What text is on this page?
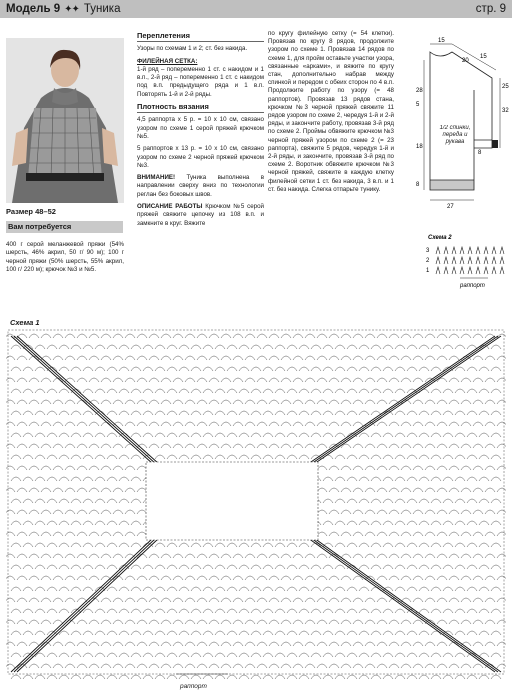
Модель 9 ✦✦ Туника	стр. 9
Размер 48–52
Вам потребуется
400 г серой меланжевой пряжи (54% шерсть, 46% акрил, 50 г/ 90 м); 100 г черной пряжи (50% шерсть, 55% акрил, 100 г/ 220 м); крючок №3 и №5.
Переплетения

Узоры по схемам 1 и 2; ст. без накида.

ФИЛЕЙНАЯ СЕТКА:

1-й ряд – попеременно 1 ст. с накидом и 1 в.п., 2-й ряд – попеременно 1 ст. с накидом под в.п. предыдущего ряда и 1 в.п. Повторять 1-й и 2-й ряды.

Плотность вязания

4,5 раппорта х 5 р. = 10 х 10 см, связано узором по схеме 1 серой пряжей крючком №5.

5 раппортов х 13 р. = 10 х 10 см, связано узором по схеме 2 черной пряжей крючком №3.

ВНИМАНИЕ! Туника выполнена в направлении сверху вниз по технологии реглан без боковых швов.

ОПИСАНИЕ РАБОТЫ Крючком №5 серой пряжей свяжите цепочку из 108 в.п. и замкните в круг. Вяжите

по кругу филейную сетку (= 54 клетки). Провязав по кругу 8 рядов, продолжите узором по схеме 1. Провязав 14 рядов по схеме 1, для пройм оставьте участки узора, связанные «арками», и вяжите по кругу стан, дополнительно набрав между спинкой и передом с обеих сторон по 4 в.п. Продолжите работу по узору (= 48 раппортов). Провязав 13 рядов стана, крючком №3 черной пряжей свяжите 11 рядов узором по схеме 2, чередуя 1-й и 2-й ряды, и закончите работу, провязав 3-й ряд по схеме 2. Проймы обвяжите крючком №3 черной пряжей узором по схеме 2 (= 23 раппорта), свяжите 5 рядов, чередуя 1-й и 2-й ряды, и закончите, провязав 3-й ряд по схеме 2. Воротник обвяжите крючком №3 черной пряжей, свяжите в каждую клетку филейной сетки 1 ст. без накида, 3 в.п. и 1 ст. без накида. Слегка отпарьте тунику.
20
15
15
25
32
28
5
18
8
27
8
1/2 спинки, переда и рукава
Схема 2
3
2
1
раппорт
Схема 1
раппорт
